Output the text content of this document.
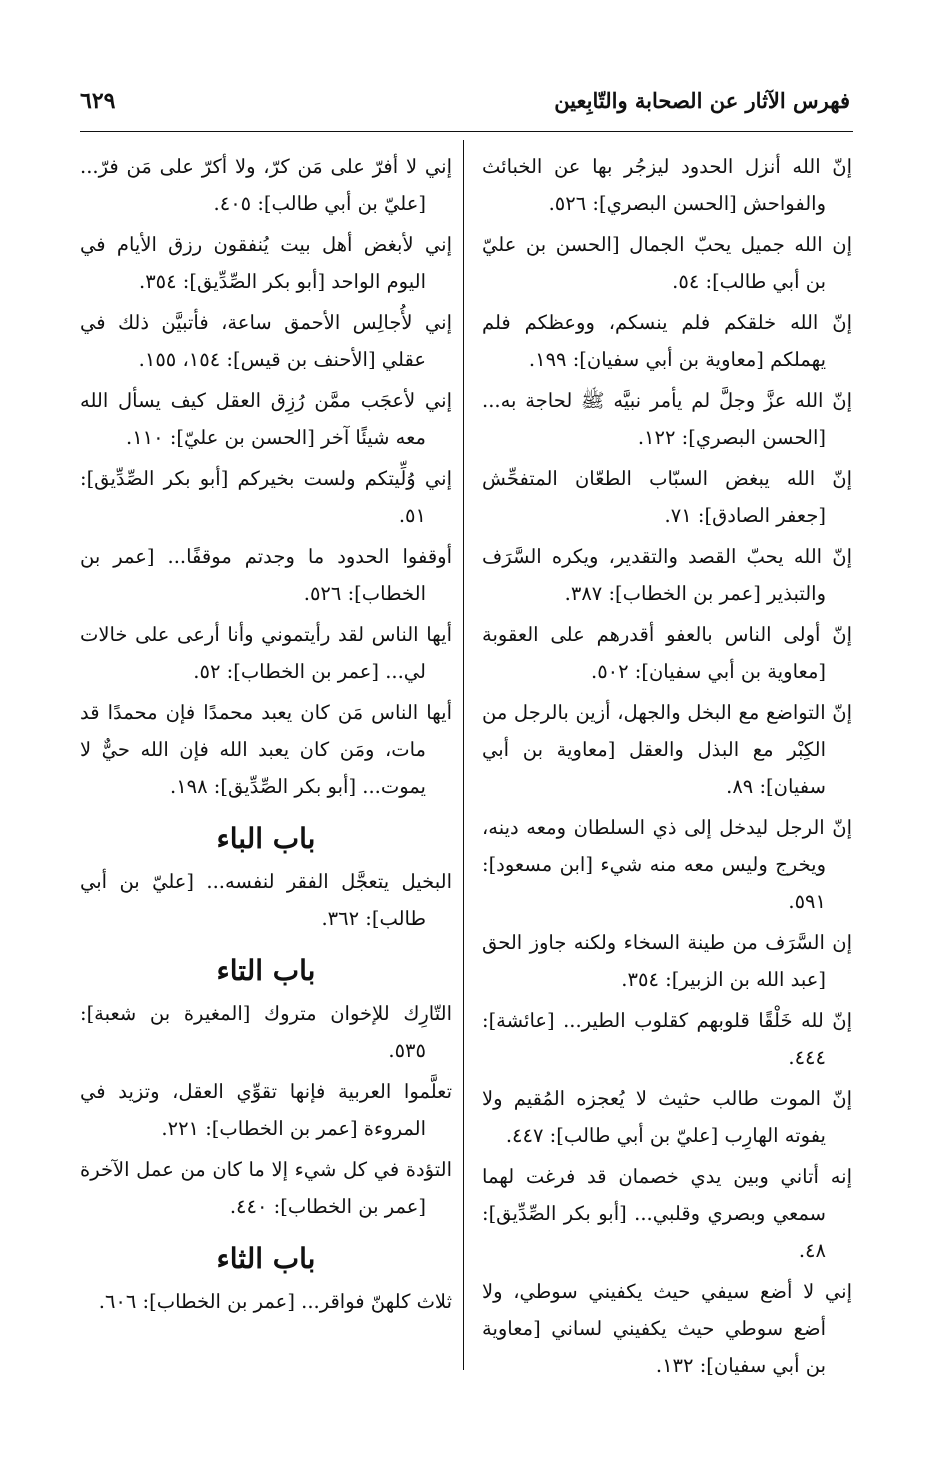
فهرس الآثار عن الصحابة والتّابِعين
٦٢٩
إنّ الله أنزل الحدود ليزجُر بها عن الخبائث والفواحش [الحسن البصري]: ٥٢٦.
إن الله جميل يحبّ الجمال [الحسن بن عليّ بن أبي طالب]: ٥٤.
إنّ الله خلقكم فلم ينسكم، ووعظكم فلم يهملكم [معاوية بن أبي سفيان]: ١٩٩.
إنّ الله عزَّ وجلَّ لم يأمر نبيَّه ﷺ لحاجة به... [الحسن البصري]: ١٢٢.
إنّ الله يبغض السبّاب الطعّان المتفحِّش [جعفر الصادق]: ٧١.
إنّ الله يحبّ القصد والتقدير، ويكره السَّرَف والتبذير [عمر بن الخطاب]: ٣٨٧.
إنّ أولى الناس بالعفو أقدرهم على العقوبة [معاوية بن أبي سفيان]: ٥٠٢.
إنّ التواضع مع البخل والجهل، أزين بالرجل من الكِبْر مع البذل والعقل [معاوية بن أبي سفيان]: ٨٩.
إنّ الرجل ليدخل إلى ذي السلطان ومعه دينه، ويخرج وليس معه منه شيء [ابن مسعود]: ٥٩١.
إن السَّرَف من طينة السخاء ولكنه جاوز الحق [عبد الله بن الزبير]: ٣٥٤.
إنّ لله خَلْقًا قلوبهم كقلوب الطير... [عائشة]: ٤٤٤.
إنّ الموت طالب حثيث لا يُعجزه المُقيم ولا يفوته الهارِب [عليّ بن أبي طالب]: ٤٤٧.
إنه أتاني وبين يدي خصمان قد فرغت لهما سمعي وبصري وقلبي... [أبو بكر الصِّدِّيق]: ٤٨.
إني لا أضع سيفي حيث يكفيني سوطي، ولا أضع سوطي حيث يكفيني لساني [معاوية بن أبي سفيان]: ١٣٢.
إني لا أفرّ على مَن كرّ، ولا أكرّ على مَن فرّ... [عليّ بن أبي طالب]: ٤٠٥.
إني لأبغض أهل بيت يُنفقون رزق الأيام في اليوم الواحد [أبو بكر الصِّدِّيق]: ٣٥٤.
إني لأُجالِس الأحمق ساعة، فأتبيَّن ذلك في عقلي [الأحنف بن قيس]: ١٥٤، ١٥٥.
إني لأعجَب ممَّن رُزِق العقل كيف يسأل الله معه شيئًا آخر [الحسن بن عليّ]: ١١٠.
إني وُلِّيتكم ولست بخيركم [أبو بكر الصِّدِّيق]: ٥١.
أوقفوا الحدود ما وجدتم موقفًا... [عمر بن الخطاب]: ٥٢٦.
أيها الناس لقد رأيتموني وأنا أرعى على خالات لي... [عمر بن الخطاب]: ٥٢.
أيها الناس مَن كان يعبد محمدًا فإن محمدًا قد مات، ومَن كان يعبد الله فإن الله حيٌّ لا يموت... [أبو بكر الصِّدِّيق]: ١٩٨.
باب الباء
البخيل يتعجَّل الفقر لنفسه... [عليّ بن أبي طالب]: ٣٦٢.
باب التاء
التّارِك للإخوان متروك [المغيرة بن شعبة]: ٥٣٥.
تعلَّموا العربية فإنها تقوِّي العقل، وتزيد في المروءة [عمر بن الخطاب]: ٢٢١.
التؤدة في كل شيء إلا ما كان من عمل الآخرة [عمر بن الخطاب]: ٤٤٠.
باب الثاء
ثلاث كلهنّ فواقر... [عمر بن الخطاب]: ٦٠٦.
